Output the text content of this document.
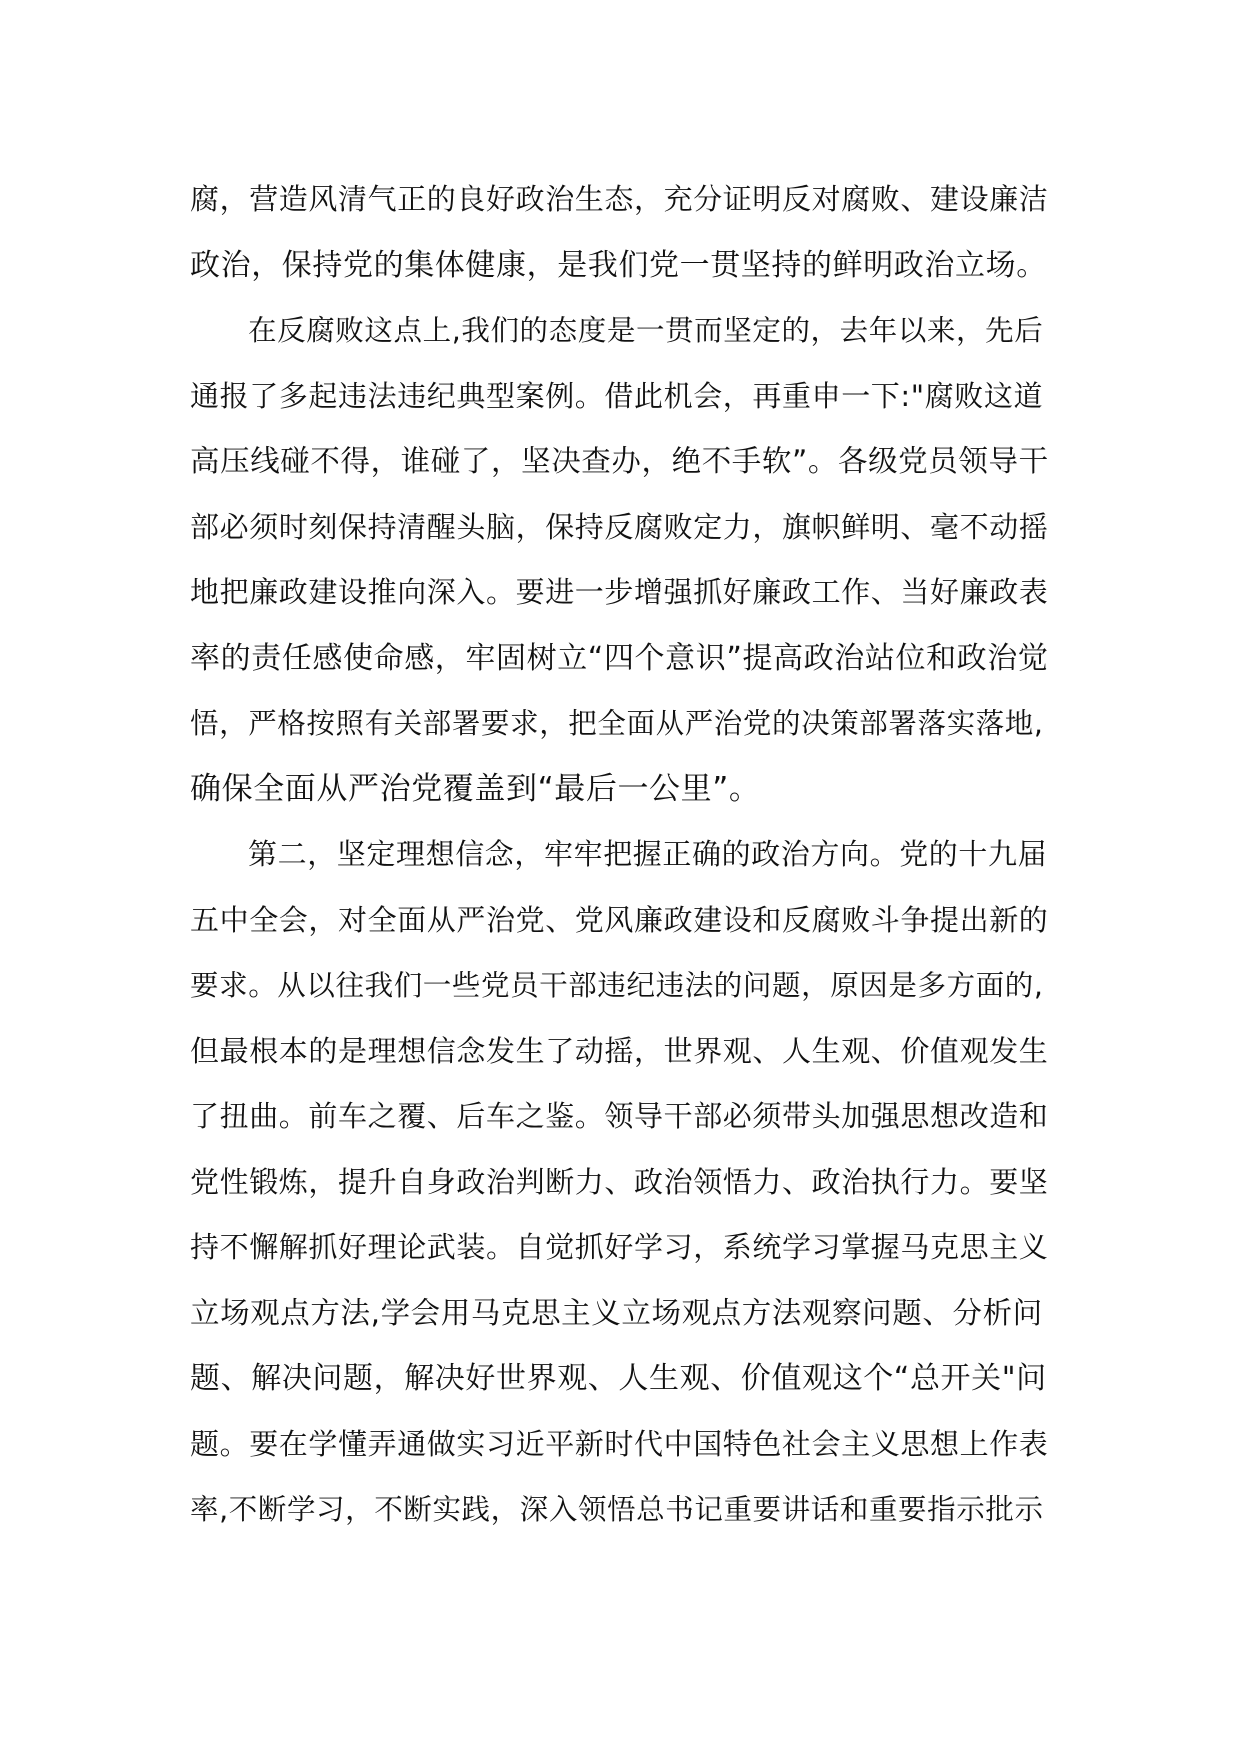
腐，营造风清气正的良好政治生态，充分证明反对腐败、建设廉洁
政治，保持党的集体健康，是我们党一贯坚持的鲜明政治立场。
在反腐败这点上,我们的态度是一贯而坚定的，去年以来，先后
通报了多起违法违纪典型案例。借此机会，再重申一下:"腐败这道
高压线碰不得，谁碰了，坚决查办，绝不手软”。各级党员领导干
部必须时刻保持清醒头脑，保持反腐败定力，旗帜鲜明、毫不动摇
地把廉政建设推向深入。要进一步增强抓好廉政工作、当好廉政表
率的责任感使命感，牢固树立“四个意识”提高政治站位和政治觉
悟，严格按照有关部署要求，把全面从严治党的决策部署落实落地,
确保全面从严治党覆盖到“最后一公里”。
第二，坚定理想信念，牢牢把握正确的政治方向。党的十九届
五中全会，对全面从严治党、党风廉政建设和反腐败斗争提出新的
要求。从以往我们一些党员干部违纪违法的问题，原因是多方面的,
但最根本的是理想信念发生了动摇，世界观、人生观、价值观发生
了扭曲。前车之覆、后车之鉴。领导干部必须带头加强思想改造和
党性锻炼，提升自身政治判断力、政治领悟力、政治执行力。要坚
持不懈解抓好理论武装。自觉抓好学习，系统学习掌握马克思主义
立场观点方法,学会用马克思主义立场观点方法观察问题、分析问
题、解决问题，解决好世界观、人生观、价值观这个“总开关"问
题。要在学懂弄通做实习近平新时代中国特色社会主义思想上作表
率,不断学习，不断实践，深入领悟总书记重要讲话和重要指示批示
